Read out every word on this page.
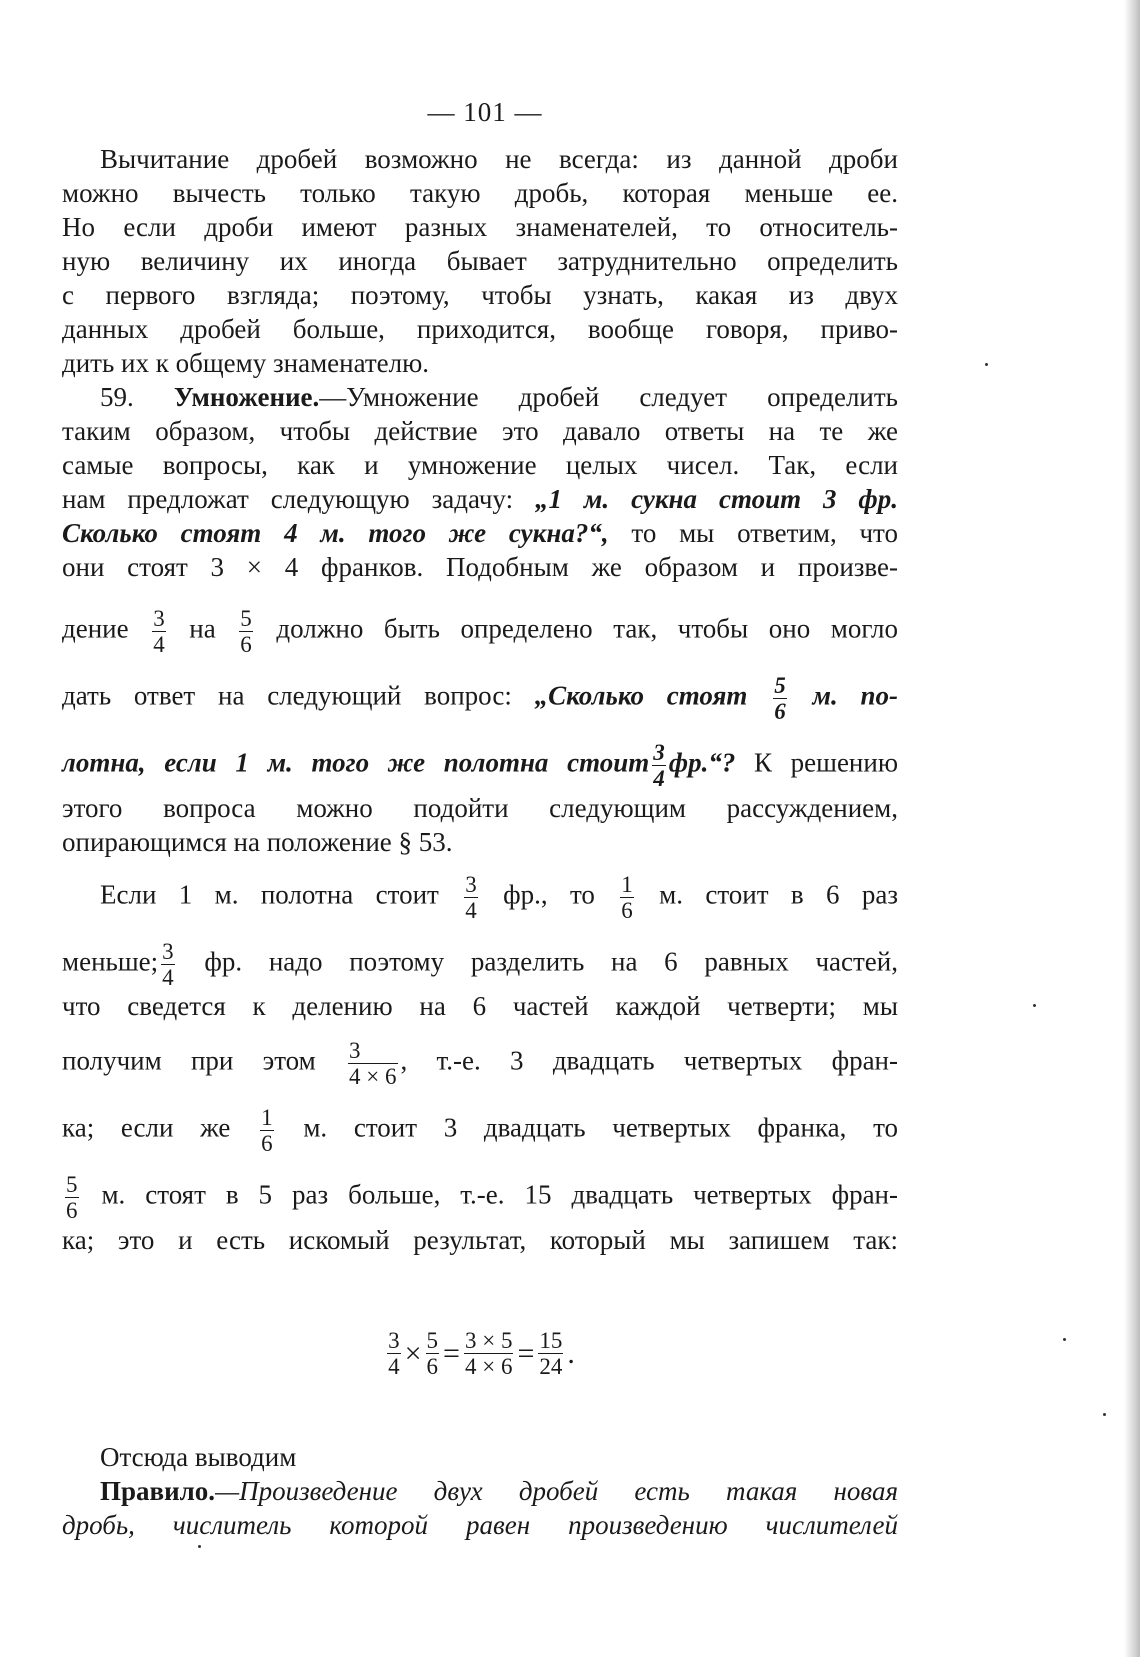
— 101 —
Вычитание дробей возможно не всегда: из данной дроби
можно вычесть только такую дробь, которая меньше ее.
Но если дроби имеют разных знаменателей, то относитель-
ную величину их иногда бывает затруднительно определить
с первого взгляда; поэтому, чтобы узнать, какая из двух
данных дробей больше, приходится, вообще говоря, приво-
дить их к общему знаменателю.
59. Умножение.—Умножение дробей следует определить
таким образом, чтобы действие это давало ответы на те же
самые вопросы, как и умножение целых чисел. Так, если
нам предложат следующую задачу: „1 м. сукна стоит 3 фр.
Сколько стоят 4 м. того же сукна?“, то мы ответим, что
они стоят 3 × 4 франков. Подобным же образом и произве-
дение $\frac{3}{4}$ на $\frac{5}{6}$ должно быть определено так, чтобы оно могло
дать ответ на следующий вопрос: „Сколько стоят $\frac{5}{6} м$. по-
лотна, если 1 м. того же полотна стоит $\frac{3}{4}$ фр.“? К решению
этого вопроса можно подойти следующим рассуждением,
опирающимся на положение § 53.
Если 1 м. полотна стоит $\frac{3}{4}$ фр., то $\frac{1}{6} м$. стоит в 6 раз
меньше; $\frac{3}{4}$ фр. надо поэтому разделить на 6 равных частей,
что сведется к делению на 6 частей каждой четверти; мы
получим при этом $\frac{3}{4 \times 6}$ , т.-е. 3 двадцать четвертых фран-
ка; если же $\frac{1}{6} м$. стоит 3 двадцать четвертых франка, то
$\frac{5}{6} м$. стоят в 5 раз больше, т.-е. 15 двадцать четвертых фран-
ка; это и есть искомый результат, который мы запишем так:
$\frac{3}{4} \times \frac{5}{6} = \frac{3 \times 5}{4 \times 6} = \frac{15}{24}$ .
Отсюда выводим
Правило.—Произведение двух дробей есть такая новая
дробь, числитель которой равен произведению числителей
